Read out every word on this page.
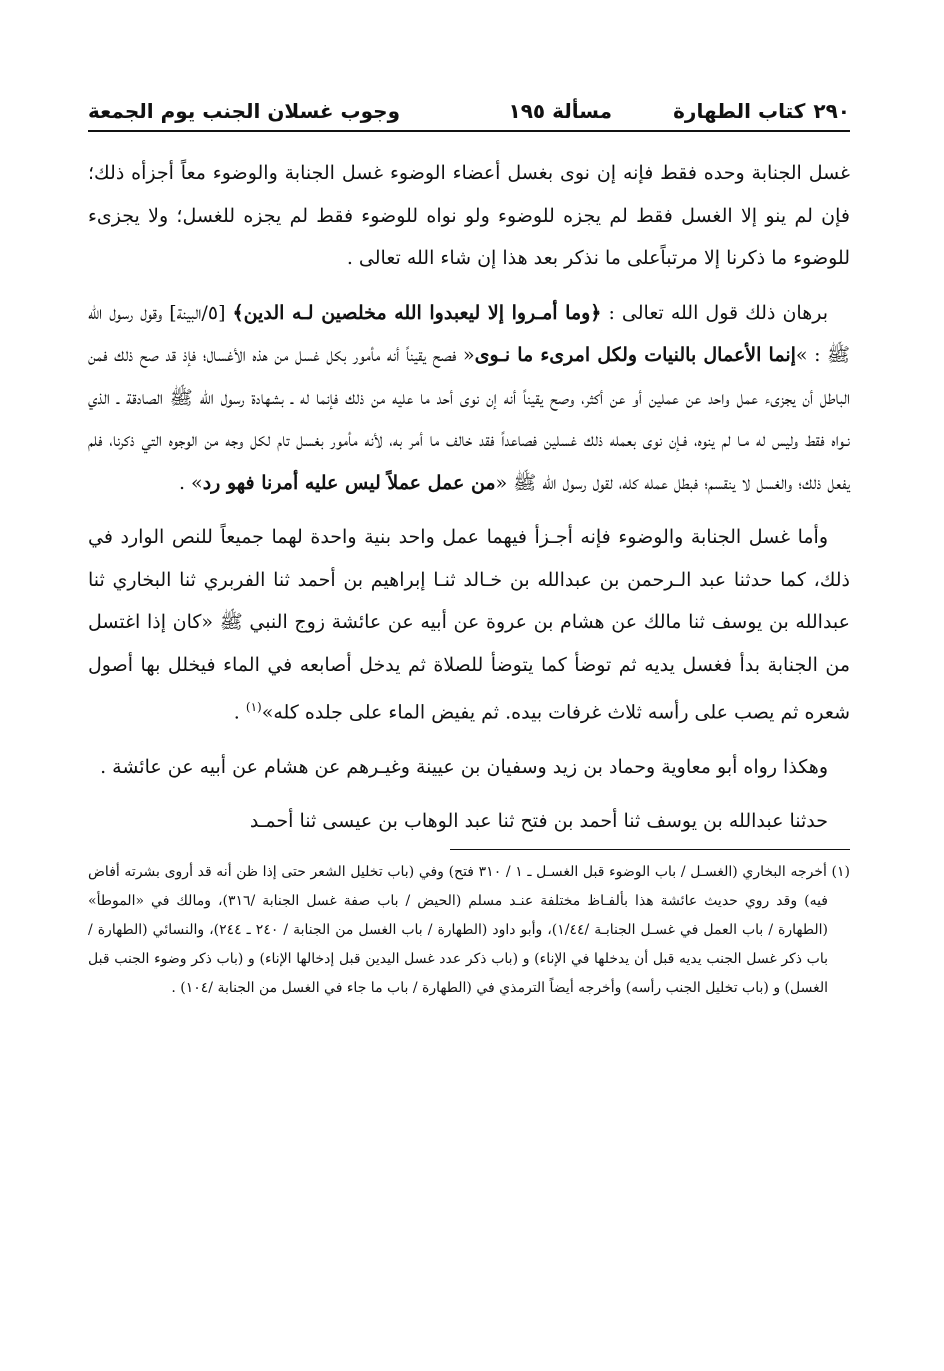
٢٩٠كتاب الطهارة
مسألة ١٩٥
وجوب غسلان الجنب يوم الجمعة

غسل الجنابة وحده فقط فإنه إن نوى بغسل أعضاء الوضوء غسل الجنابة والوضوء معاً أجزأه ذلك؛ فإن لم ينو إلا الغسل فقط لم يجزه للوضوء ولو نواه للوضوء فقط لم يجزه للغسل؛ ولا يجزىء للوضوء ما ذكرنا إلا مرتباًعلى ما نذكر بعد هذا إن شاء الله تعالى .

برهان ذلك قول الله تعالى : ﴿وما أمـروا إلا ليعبدوا الله مخلصين لـه الدين﴾ [٥/البينة] وقول رسول الله ﷺ : »إنما الأعمال بالنيات ولكل امرىء ما نـوى« فصح يقيناً أنه مأمور بكل غسل من هذه الأغسال؛ فإذ قد صح ذلك فمن الباطل أن يجزىء عمل واحد عن عملين أو عن أكثر، وصح يقيناً أنه إن نوى أحد ما عليه من ذلك فإنما له ـ بشهادة رسول الله ﷺ الصادقة ـ الذي نـواه فقط وليس له مـا لم ينوه، فـإن نوى بعمله ذلك غسلين فصاعداً فقد خالف ما أمر به، لأنه مأمور بغسل تام لكل وجه من الوجوه التي ذكرنا، فلم يفعل ذلك؛ والغسل لا ينقسم؛ فبطل عمله كله، لقول رسول الله ﷺ «من عمل عملاً ليس عليه أمرنا فهو رد» .

وأما غسل الجنابة والوضوء فإنه أجـزأ فيهما عمل واحد بنية واحدة لهما جميعاً للنص الوارد في ذلك، كما حدثنا عبد الـرحمن بن عبدالله بن خـالد ثنـا إبراهيم بن أحمد ثنا الفربري ثنا البخاري ثنا عبدالله بن يوسف ثنا مالك عن هشام بن عروة عن أبيه عن عائشة زوج النبي ﷺ «كان إذا اغتسل من الجنابة بدأ فغسل يديه ثم توضأ كما يتوضأ للصلاة ثم يدخل أصابعه في الماء فيخلل بها أصول شعره ثم يصب على رأسه ثلاث غرفات بيده. ثم يفيض الماء على جلده كله»$^{(١)}$ .

وهكذا رواه أبو معاوية وحماد بن زيد وسفيان بن عيينة وغيـرهم عن هشام عن أبيه عن عائشة .

حدثنا عبدالله بن يوسف ثنا أحمد بن فتح ثنا عبد الوهاب بن عيسى ثنا أحمـد

(١) أخرجه البخاري (الغسـل / باب الوضوء قبل الغسـل ـ ١ / ٣١٠ فتح) وفي (باب تخليل الشعر حتى إذا ظن أنه قد أروى بشرته أفاض فيه) وقد روي حديث عائشة هذا بألفـاظ مختلفة عنـد مسلم (الحيض / باب صفة غسل الجنابة /٣١٦)، ومالك في «الموطأ» (الطهارة / باب العمل في غسـل الجنابـة /١/٤٤)، وأبو داود (الطهارة / باب الغسل من الجنابة / ٢٤٠ ـ ٢٤٤)، والنسائي (الطهارة / باب ذكر غسل الجنب يديه قبل أن يدخلها في الإناء) و (باب ذكر عدد غسل اليدين قبل إدخالها الإناء) و (باب ذكر وضوء الجنب قبل الغسل) و (باب تخليل الجنب رأسه) وأخرجه أيضاً الترمذي في (الطهارة / باب ما جاء في الغسل من الجنابة /١٠٤) .
